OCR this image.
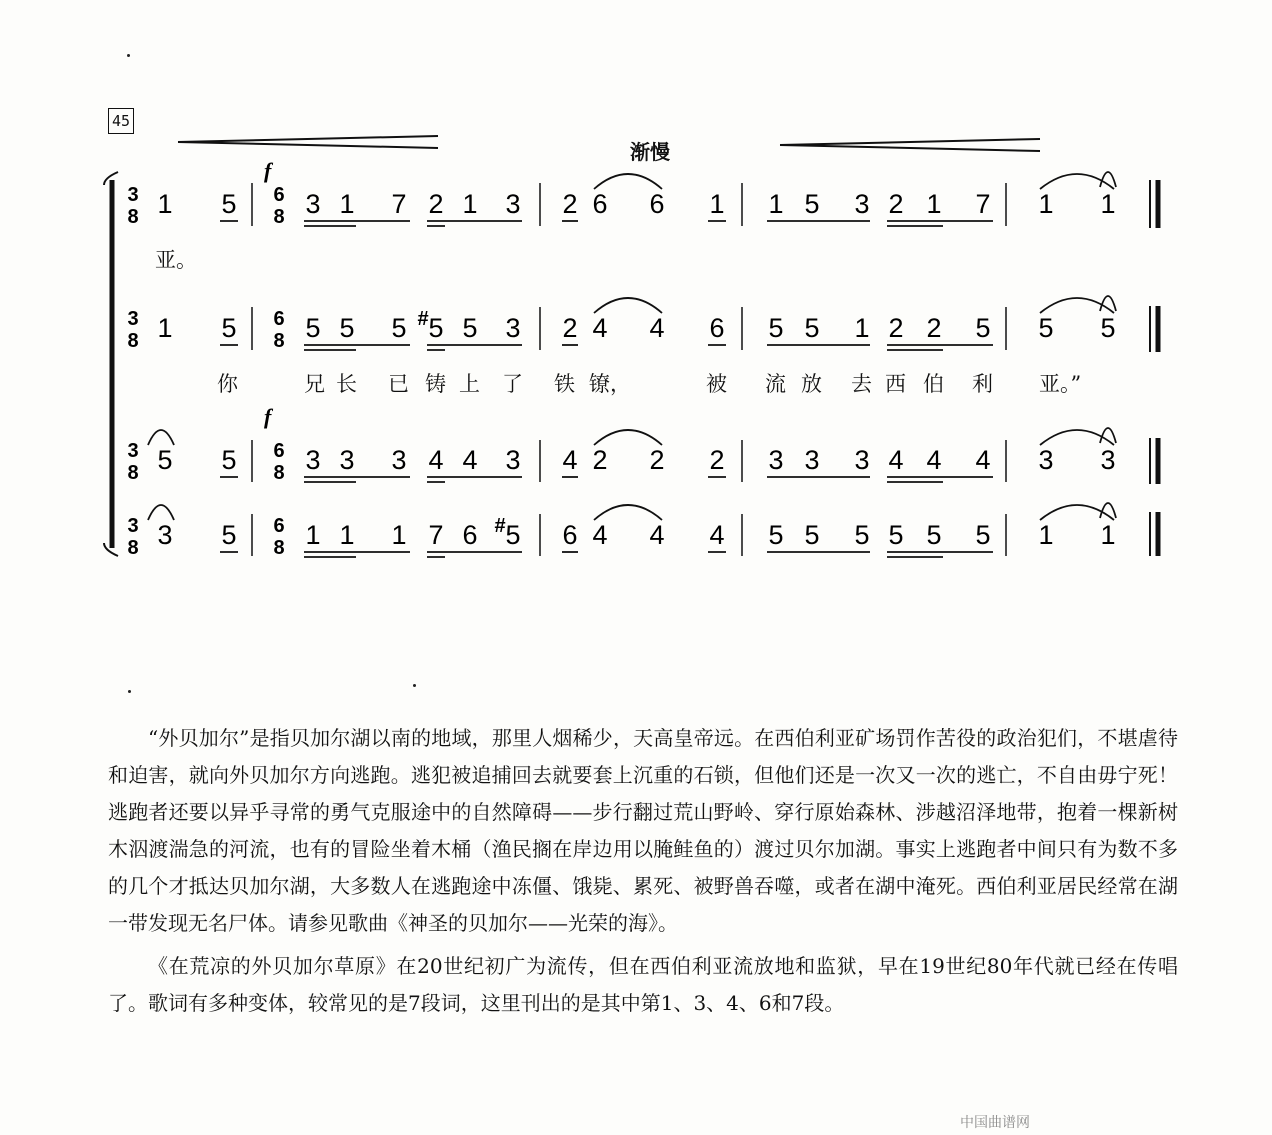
45
渐慢
f
f
3
8
6
8
1 5	3 1 7 2 1 3 2 6 6 1 1 5 3 2 1 7 1 1
3
8
6
8
1 5	5 5 5 # 5 5 3 2 4 4 6 5 5 1 2 2 5 5 5
3
8
6
8
5 5	3 3 3 4 4 3 4 2 2 2 3 3 3 4 4 4 3 3
3
8
6
8
3 5	1 1 1 7 6 # 5 6 4 4 4 5 5 5 5 5 5 1 1
亚。
你	兄 长 已 铸 上 了 铁 镣，	被 流 放 去 西 伯 利 亚。”

“外贝加尔”是指贝加尔湖以南的地域，那里人烟稀少，天高皇帝远。在西伯利亚矿场罚作苦役的政治犯们，不堪虐待和迫害，就向外贝加尔方向逃跑。逃犯被追捕回去就要套上沉重的石锁，但他们还是一次又一次的逃亡，不自由毋宁死！逃跑者还要以异乎寻常的勇气克服途中的自然障碍——步行翻过荒山野岭、穿行原始森林、涉越沼泽地带，抱着一棵新树木泅渡湍急的河流，也有的冒险坐着木桶（渔民搁在岸边用以腌鲑鱼的）渡过贝尔加湖。事实上逃跑者中间只有为数不多的几个才抵达贝加尔湖，大多数人在逃跑途中冻僵、饿毙、累死、被野兽吞噬，或者在湖中淹死。西伯利亚居民经常在湖一带发现无名尸体。请参见歌曲《神圣的贝加尔——光荣的海》。

《在荒凉的外贝加尔草原》在20世纪初广为流传，但在西伯利亚流放地和监狱，早在19世纪80年代就已经在传唱了。歌词有多种变体，较常见的是7段词，这里刊出的是其中第1、3、4、6和7段。

中国曲谱网
